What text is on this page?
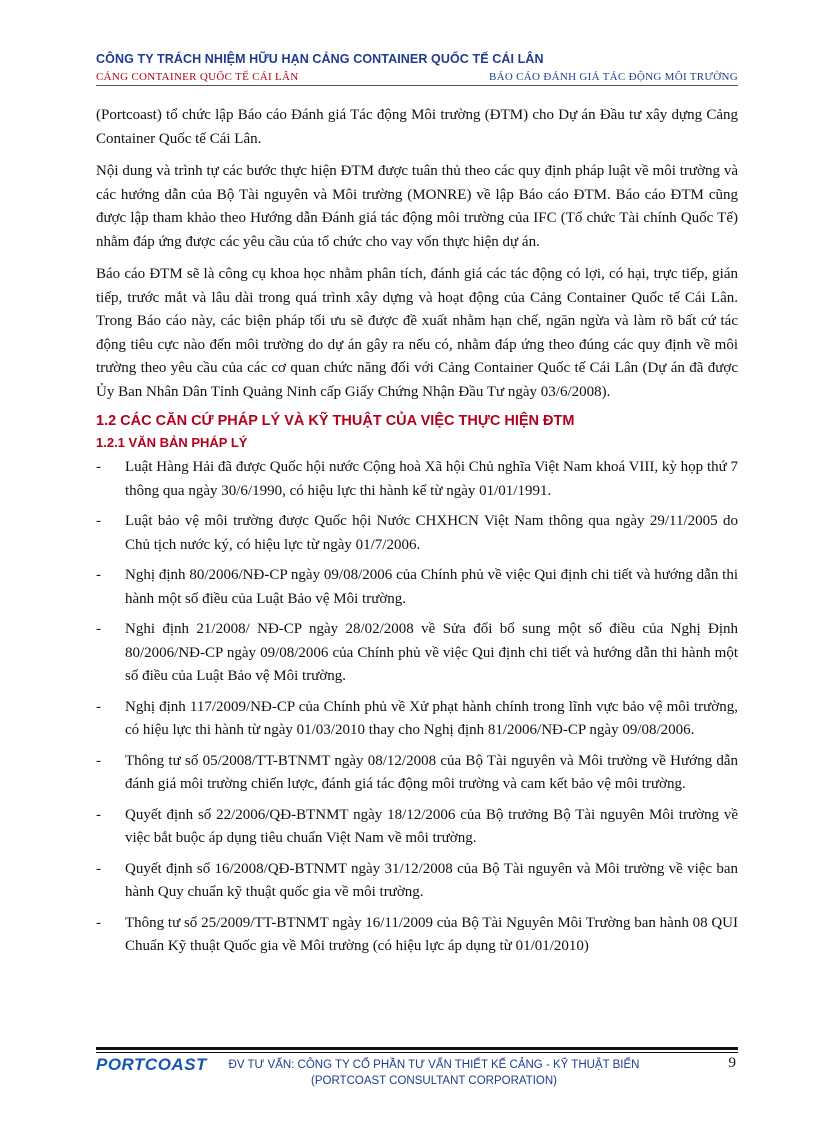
CÔNG TY TRÁCH NHIỆM HỮU HẠN CẢNG CONTAINER QUỐC TẾ CÁI LÂN
CẢNG CONTAINER QUỐC TẾ CÁI LÂN	BÁO CÁO ĐÁNH GIÁ TÁC ĐỘNG MÔI TRƯỜNG

(Portcoast) tổ chức lập Báo cáo Đánh giá Tác động Môi trường (ĐTM) cho Dự án Đầu tư xây dựng Cảng Container Quốc tế Cái Lân.

Nội dung và trình tự các bước thực hiện ĐTM được tuân thủ theo các quy định pháp luật về môi trường và các hướng dẫn của Bộ Tài nguyên và Môi trường (MONRE) về lập Báo cáo ĐTM. Báo cáo ĐTM cũng được lập tham khảo theo Hướng dẫn Đánh giá tác động môi trường của IFC (Tổ chức Tài chính Quốc Tế) nhằm đáp ứng được các yêu cầu của tổ chức cho vay vốn thực hiện dự án.

Báo cáo ĐTM sẽ là công cụ khoa học nhằm phân tích, đánh giá các tác động có lợi, có hại, trực tiếp, gián tiếp, trước mắt và lâu dài trong quá trình xây dựng và hoạt động của Cảng Container Quốc tế Cái Lân. Trong Báo cáo này, các biện pháp tối ưu sẽ được đề xuất nhằm hạn chế, ngăn ngừa và làm rõ bất cứ tác động tiêu cực nào đến môi trường do dự án gây ra nếu có, nhằm đáp ứng theo đúng các quy định về môi trường theo yêu cầu của các cơ quan chức năng đối với Cảng Container Quốc tế Cái Lân (Dự án đã được Ủy Ban Nhân Dân Tỉnh Quảng Ninh cấp Giấy Chứng Nhận Đầu Tư ngày 03/6/2008).

1.2 CÁC CĂN CỨ PHÁP LÝ VÀ KỸ THUẬT CỦA VIỆC THỰC HIỆN ĐTM
1.2.1 VĂN BẢN PHÁP LÝ
-	Luật Hàng Hải đã được Quốc hội nước Cộng hoà Xã hội Chủ nghĩa Việt Nam khoá VIII, kỳ họp thứ 7 thông qua ngày 30/6/1990, có hiệu lực thi hành kể từ ngày 01/01/1991.
-	Luật bảo vệ môi trường được Quốc hội Nước CHXHCN Việt Nam thông qua ngày 29/11/2005 do Chủ tịch nước ký, có hiệu lực từ ngày 01/7/2006.
-	Nghị định 80/2006/NĐ-CP ngày 09/08/2006 của Chính phủ về việc Qui định chi tiết và hướng dẫn thi hành một số điều của Luật Bảo vệ Môi trường.
-	Nghi định 21/2008/ NĐ-CP ngày 28/02/2008 về Sửa đổi bổ sung một số điều của Nghị Định 80/2006/NĐ-CP ngày 09/08/2006 của Chính phủ về việc Qui định chi tiết và hướng dẫn thi hành một số điều của Luật Bảo vệ Môi trường.
-	Nghị định 117/2009/NĐ-CP của Chính phủ về Xử phạt hành chính trong lĩnh vực bảo vệ môi trường, có hiệu lực thi hành từ ngày 01/03/2010 thay cho Nghị định 81/2006/NĐ-CP ngày 09/08/2006.
-	Thông tư số 05/2008/TT-BTNMT ngày 08/12/2008 của Bộ Tài nguyên và Môi trường về Hướng dẫn đánh giá môi trường chiến lược, đánh giá tác động môi trường và cam kết bảo vệ môi trường.
-	Quyết định số 22/2006/QĐ-BTNMT ngày 18/12/2006 của Bộ trưởng Bộ Tài nguyên Môi trường về việc bắt buộc áp dụng tiêu chuẩn Việt Nam về môi trường.
-	Quyết định số 16/2008/QĐ-BTNMT ngày 31/12/2008 của Bộ Tài nguyên và Môi trường về việc ban hành Quy chuẩn kỹ thuật quốc gia về môi trường.
-	Thông tư số 25/2009/TT-BTNMT ngày 16/11/2009 của Bộ Tài Nguyên Môi Trường ban hành 08 QUI Chuẩn Kỹ thuật Quốc gia về Môi trường (có hiệu lực áp dụng từ 01/01/2010)
PORTCOAST	ĐV TƯ VẤN: CÔNG TY CỔ PHẦN TƯ VẤN THIẾT KẾ CẢNG - KỸ THUẬT BIỂN
(PORTCOAST CONSULTANT CORPORATION)
9
